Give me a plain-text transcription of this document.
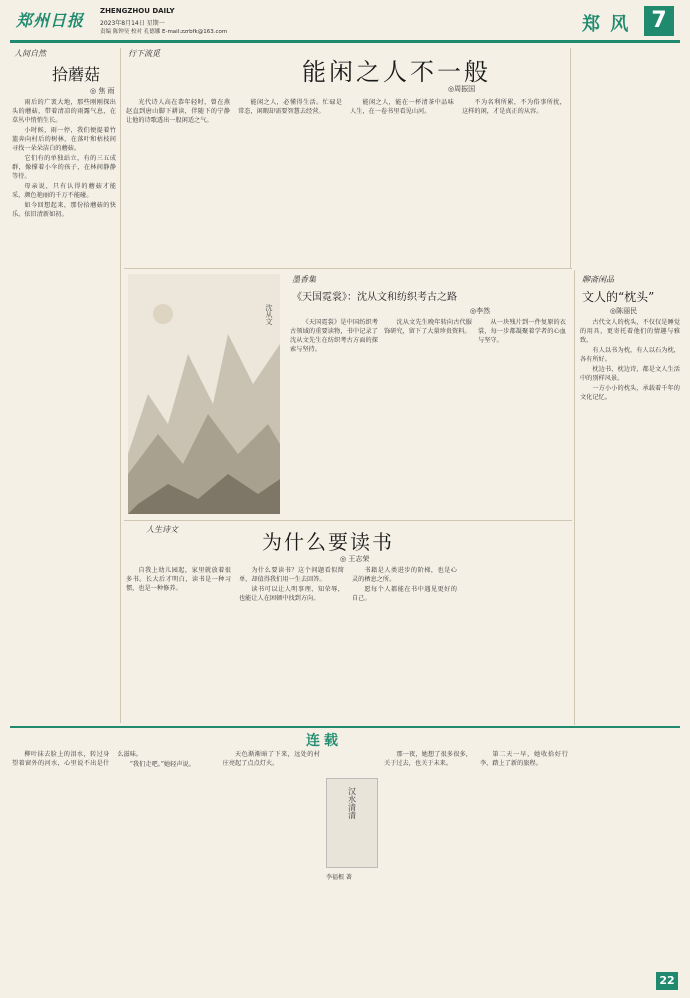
郑州日报 ZHENGZHOU DAILY
2023年8月14日 星期一
责编 陈钟昊 校对 孔德娜 E-mail:zzrbfk@163.com	郑 风 7
人间自然
拾蘑菇
◎ 焦 雨

雨后的广袤大地，那些刚刚探出头的蘑菇，带着清凉的雨露气息，在草丛中悄悄生长。

小时候，雨一停，我们便提着竹篮奔向村后的树林，在落叶和枯枝间寻找一朵朵洁白的蘑菇。

它们有的单独站立，有的三五成群，像撑着小伞的孩子，在林间静静等待。

母亲说，只有认得的蘑菇才能采，颜色艳丽的千万不能碰。

如今回想起来，那份拾蘑菇的快乐，依旧清新如初。

行下流觅
能闲之人不一般
◎周振国

光代诗人高在恭年轻时，曾在燕赵直到唐山脚下耕读，伴随下的宁静让他的诗歌透出一股闲适之气。

能闲之人，必懂得生活。忙碌是常态，闲暇却需要智慧去经营。

能闲之人，能在一杯清茶中品味人生，在一卷书里看见山河。

不为名利所累，不为俗事所扰，这样的闲，才是真正的从容。

沈从文
墨香集
《天国霓裳》：沈从文和纺织考古之路
◎李然

《天国霓裳》是中国纺织考古领域的重要读物，书中记录了沈从文先生在纺织考古方面的探索与坚持。

沈从文先生晚年转向古代服饰研究，留下了大量珍贵资料。

从一块残片到一件复原的衣裳，每一步都凝聚着学者的心血与坚守。

人生诗文
为什么要读书
◎ 王志荣

自我上幼儿园起，家里就放着很多书。长大后才明白，读书是一种习惯，也是一种修养。

为什么要读书？这个问题看似简单，却值得我们用一生去回答。

读书可以让人明事理、知荣辱，也能让人在困顿中找到方向。

书籍是人类进步的阶梯，也是心灵的栖息之所。

愿每个人都能在书中遇见更好的自己。

聊斋闲品
文人的“枕头”
◎陈丽民

古代文人的枕头，不仅仅是睡觉的用具，更寄托着他们的情趣与雅致。

有人以书为枕，有人以石为枕，各有所好。

枕边书、枕边诗，都是文人生活中的别样风景。

一方小小的枕头，承载着千年的文化记忆。

连载

柳叶抹去脸上的泪水，转过身望着窗外的河水，心里说不出是什么滋味。

“我们走吧。”她轻声说。

天色渐渐暗了下来，远处的村庄亮起了点点灯火。

汉水清清
李福根 著

那一夜，她想了很多很多，关于过去，也关于未来。

第二天一早，她收拾好行李，踏上了新的旅程。

22
